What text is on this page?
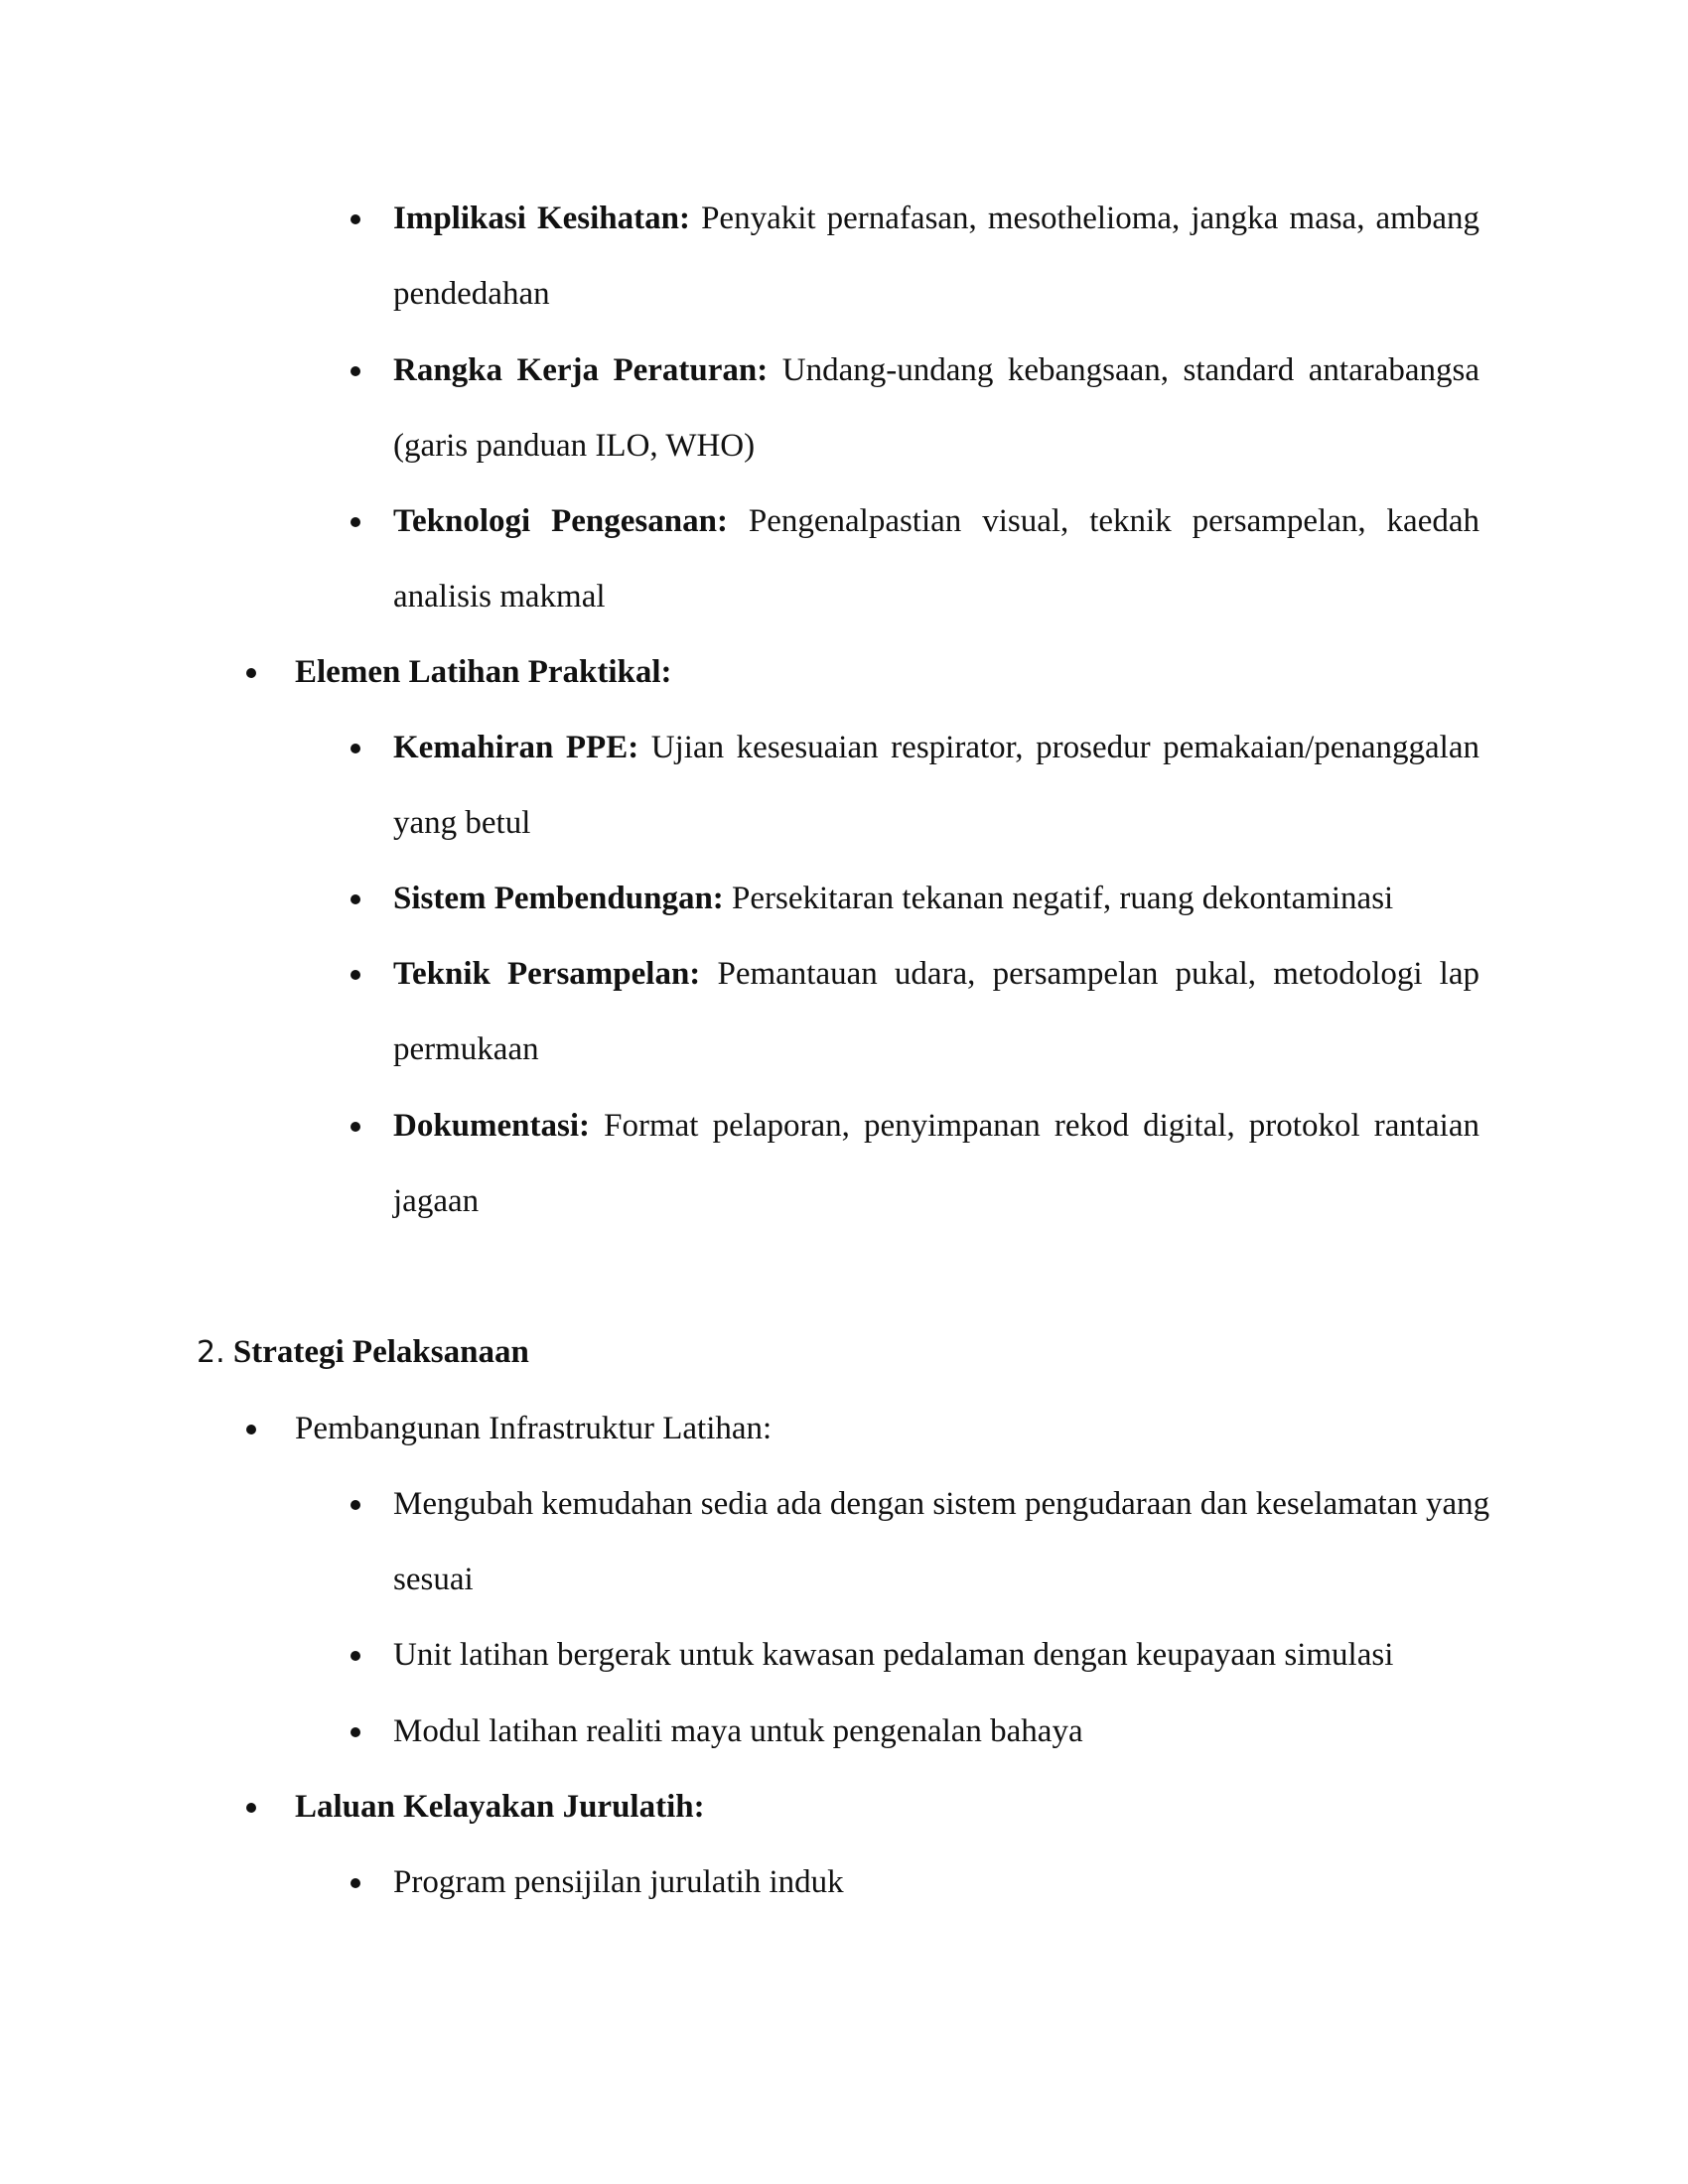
Implikasi Kesihatan: Penyakit pernafasan, mesothelioma, jangka masa, ambang
pendedahan
Rangka Kerja Peraturan: Undang-undang kebangsaan, standard antarabangsa
(garis panduan ILO, WHO)
Teknologi Pengesanan: Pengenalpastian visual, teknik persampelan, kaedah
analisis makmal
Elemen Latihan Praktikal:
Kemahiran PPE: Ujian kesesuaian respirator, prosedur pemakaian/penanggalan
yang betul
Sistem Pembendungan: Persekitaran tekanan negatif, ruang dekontaminasi
Teknik Persampelan: Pemantauan udara, persampelan pukal, metodologi lap
permukaan
Dokumentasi: Format pelaporan, penyimpanan rekod digital, protokol rantaian
jagaan
2. Strategi Pelaksanaan
Pembangunan Infrastruktur Latihan:
Mengubah kemudahan sedia ada dengan sistem pengudaraan dan keselamatan yang
sesuai
Unit latihan bergerak untuk kawasan pedalaman dengan keupayaan simulasi
Modul latihan realiti maya untuk pengenalan bahaya
Laluan Kelayakan Jurulatih:
Program pensijilan jurulatih induk
